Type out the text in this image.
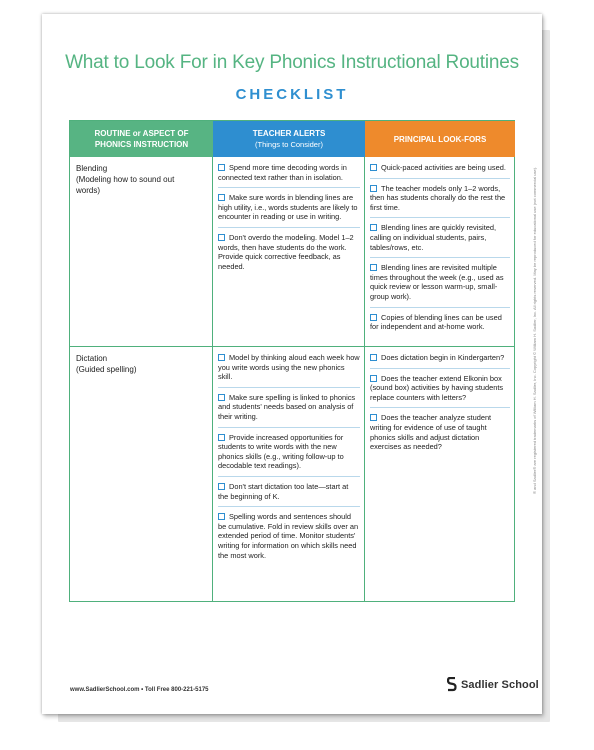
What to Look For in Key Phonics Instructional Routines
CHECKLIST
ROUTINE or ASPECT OF PHONICS INSTRUCTION
TEACHER ALERTS
(Things to Consider)
PRINCIPAL LOOK-FORS
Blending
(Modeling how to sound out words)
Spend more time decoding words in connected text rather than in isolation.
Make sure words in blending lines are high utility, i.e., words students are likely to encounter in reading or use in writing.
Don't overdo the modeling. Model 1–2 words, then have students do the work. Provide quick corrective feedback, as needed.
Quick-paced activities are being used.
The teacher models only 1–2 words, then has students chorally do the rest the first time.
Blending lines are quickly revisited, calling on individual students, pairs, tables/rows, etc.
Blending lines are revisited multiple times throughout the week (e.g., used as quick review or lesson warm-up, small-group work).
Copies of blending lines can be used for independent and at-home work.
Dictation
(Guided spelling)
Model by thinking aloud each week how you write words using the new phonics skill.
Make sure spelling is linked to phonics and students' needs based on analysis of their writing.
Provide increased opportunities for students to write words with the new phonics skills (e.g., writing follow-up to decodable text readings).
Don't start dictation too late—start at the beginning of K.
Spelling words and sentences should be cumulative. Fold in review skills over an extended period of time. Monitor students' writing for information on which skills need the most work.
Does dictation begin in Kindergarten?
Does the teacher extend Elkonin box (sound box) activities by having students replace counters with letters?
Does the teacher analyze student writing for evidence of use of taught phonics skills and adjust dictation exercises as needed?
www.SadlierSchool.com • Toll Free 800-221-5175	Sadlier School
® and Sadlier® are registered trademarks of William H. Sadlier, Inc. Copyright © William H. Sadlier, Inc. All rights reserved. May be reproduced for educational use (not commercial use).
